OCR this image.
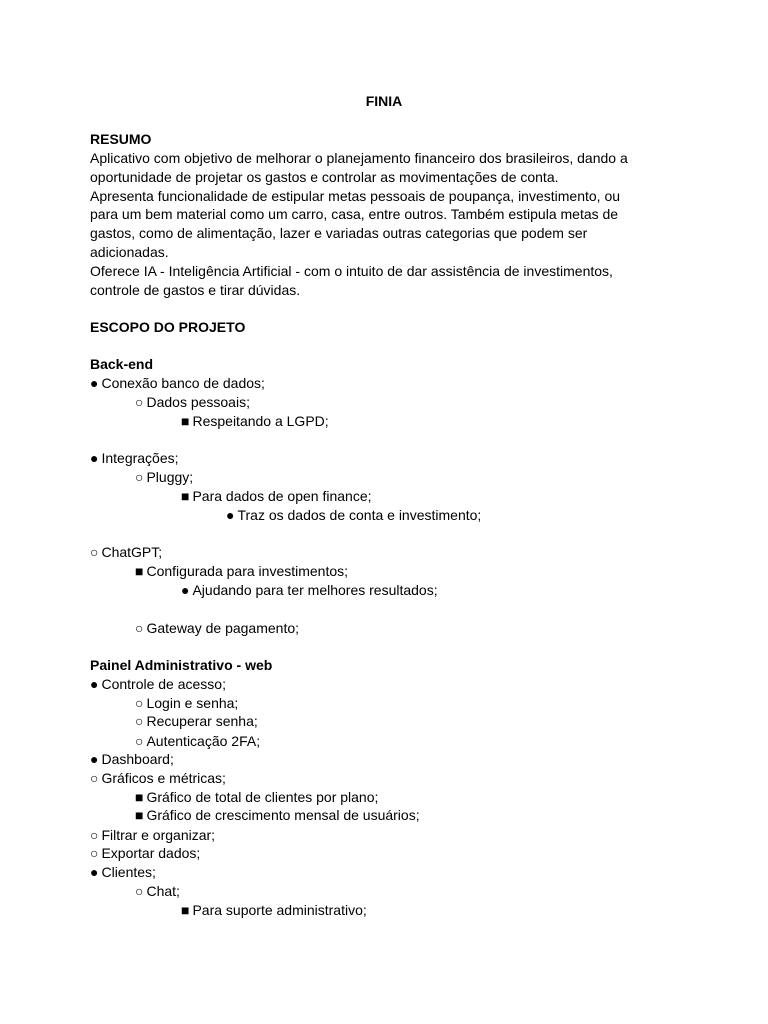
FINIA
RESUMO

Aplicativo com objetivo de melhorar o planejamento financeiro dos brasileiros, dando a oportunidade de projetar os gastos e controlar as movimentações de conta.

Apresenta funcionalidade de estipular metas pessoais de poupança, investimento, ou para um bem material como um carro, casa, entre outros. Também estipula metas de gastos, como de alimentação, lazer e variadas outras categorias que podem ser adicionadas.

Oferece IA - Inteligência Artificial - com o intuito de dar assistência de investimentos, controle de gastos e tirar dúvidas.

ESCOPO DO PROJETO
Back-end
● Conexão banco de dados;
○ Dados pessoais;
■ Respeitando a LGPD;
● Integrações;
○ Pluggy;
■ Para dados de open finance;
● Traz os dados de conta e investimento;
○ ChatGPT;
■ Configurada para investimentos;
● Ajudando para ter melhores resultados;
○ Gateway de pagamento;
Painel Administrativo - web
● Controle de acesso;
○ Login e senha;
○ Recuperar senha;
○ Autenticação 2FA;
● Dashboard;
○ Gráficos e métricas;
■ Gráfico de total de clientes por plano;
■ Gráfico de crescimento mensal de usuários;
○ Filtrar e organizar;
○ Exportar dados;
● Clientes;
○ Chat;
■ Para suporte administrativo;
